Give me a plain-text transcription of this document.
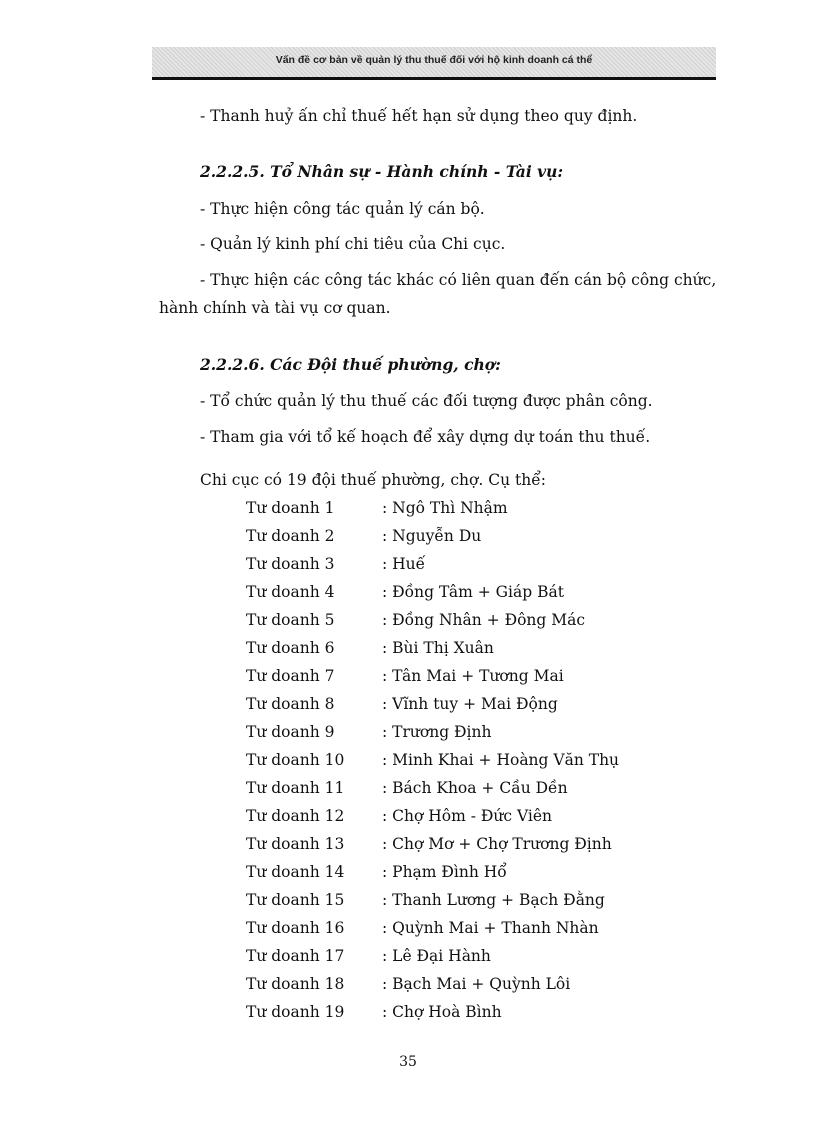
Vấn đề cơ bản về quản lý thu thuế đối với hộ kinh doanh cá thể
- Thanh huỷ ấn chỉ thuế hết hạn sử dụng theo quy định.
2.2.2.5. Tổ Nhân sự - Hành chính - Tài vụ:
- Thực hiện công tác quản lý cán bộ.
- Quản lý kinh phí chi tiêu của Chi cục.
- Thực hiện các công tác khác có liên quan đến cán bộ công chức,
hành chính và tài vụ cơ quan.
2.2.2.6. Các Đội thuế phường, chợ:
- Tổ chức quản lý thu thuế các đối tượng được phân công.
- Tham gia với tổ kế hoạch để xây dựng dự toán thu thuế.
Chi cục có 19 đội thuế phường, chợ. Cụ thể:
Tư doanh 1	: Ngô Thì Nhậm
Tư doanh 2	: Nguyễn Du
Tư doanh 3	: Huế
Tư doanh 4	: Đồng Tâm + Giáp Bát
Tư doanh 5	: Đồng Nhân + Đông Mác
Tư doanh 6	: Bùi Thị Xuân
Tư doanh 7	: Tân Mai + Tương Mai
Tư doanh 8	: Vĩnh tuy + Mai Động
Tư doanh 9	: Trương Định
Tư doanh 10 : Minh Khai + Hoàng Văn Thụ
Tư doanh 11 : Bách Khoa + Cầu Dền
Tư doanh 12 : Chợ Hôm - Đức Viên
Tư doanh 13 : Chợ Mơ + Chợ Trương Định
Tư doanh 14 : Phạm Đình Hổ
Tư doanh 15 : Thanh Lương + Bạch Đằng
Tư doanh 16 : Quỳnh Mai + Thanh Nhàn
Tư doanh 17 : Lê Đại Hành
Tư doanh 18 : Bạch Mai + Quỳnh Lôi
Tư doanh 19 : Chợ Hoà Bình
35
